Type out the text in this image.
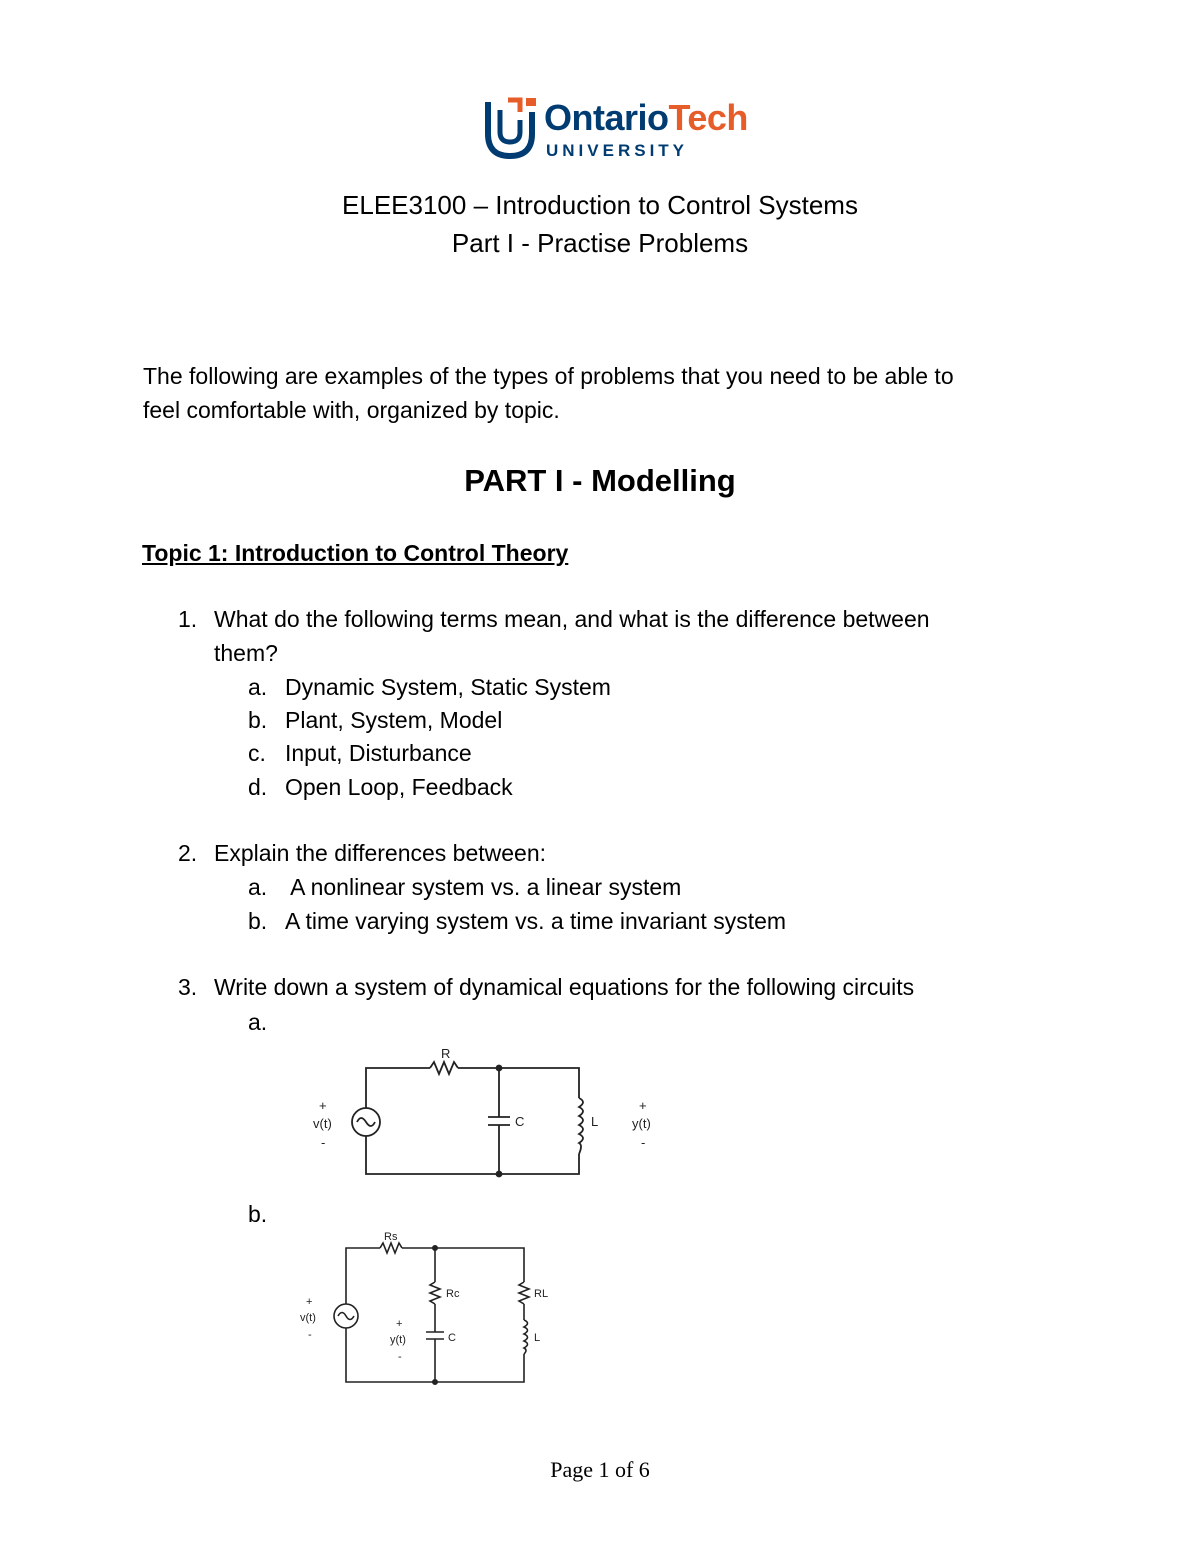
OntarioTech
UNIVERSITY
ELEE3100 – Introduction to Control Systems
Part I - Practise Problems
The following are examples of the types of problems that you need to be able to
feel comfortable with, organized by topic.
PART I - Modelling
Topic 1: Introduction to Control Theory
1. What do the following terms mean, and what is the difference between
them?
a. Dynamic System, Static System
b. Plant, System, Model
c. Input, Disturbance
d. Open Loop, Feedback
2. Explain the differences between:
a. A nonlinear system vs. a linear system
b. A time varying system vs. a time invariant system
3. Write down a system of dynamical equations for the following circuits
a.
b.
R
C	L
+
v(t)
-
+
y(t)
-
Rs
Rc
C
RL
L
+
v(t)
-
+
y(t)
-
Page 1 of 6
